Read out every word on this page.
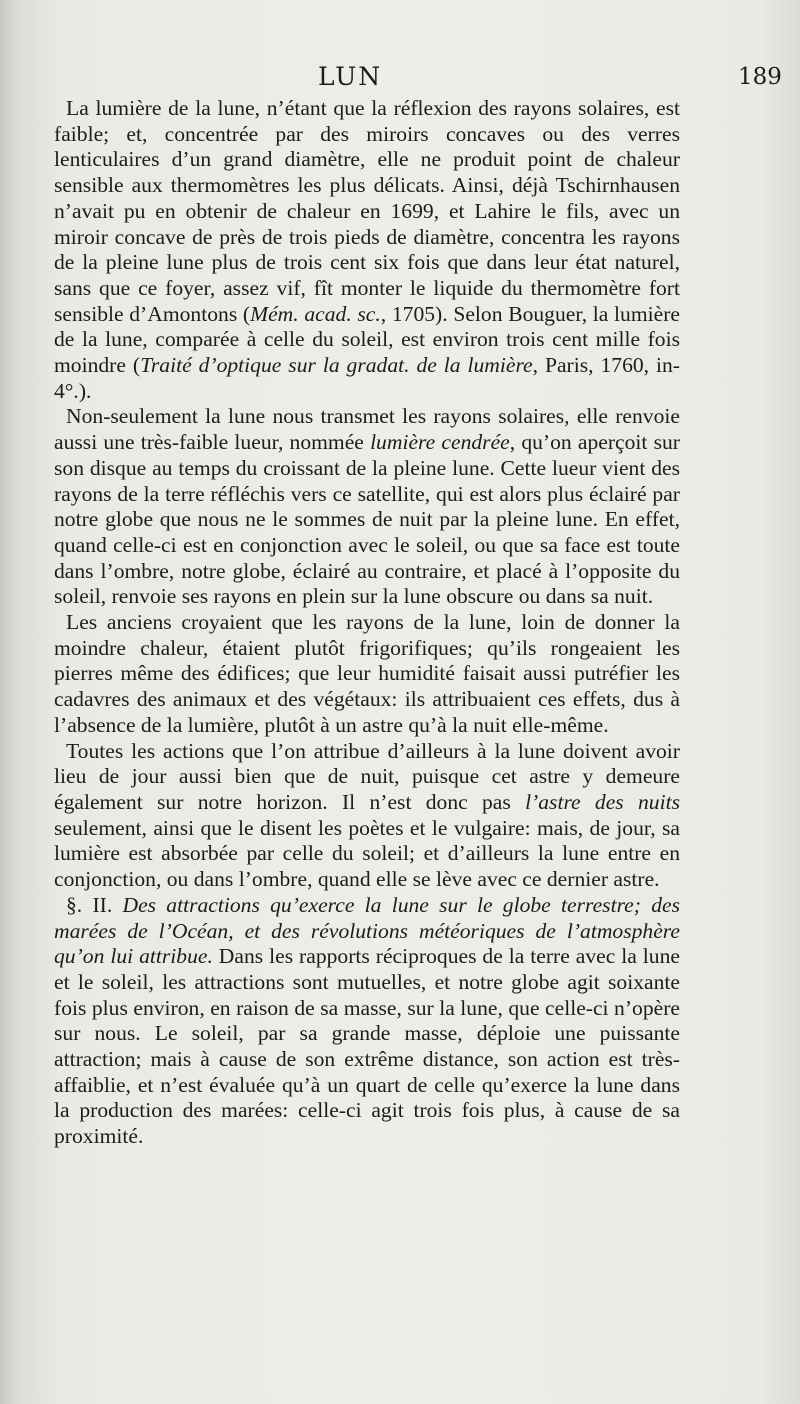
LUN	189

La lumière de la lune, n’étant que la réflexion des rayons solaires, est faible; et, concentrée par des miroirs concaves ou des verres lenticulaires d’un grand diamètre, elle ne produit point de chaleur sensible aux thermomètres les plus délicats. Ainsi, déjà Tschirnhausen n’avait pu en obtenir de chaleur en 1699, et Lahire le fils, avec un miroir concave de près de trois pieds de diamètre, concentra les rayons de la pleine lune plus de trois cent six fois que dans leur état naturel, sans que ce foyer, assez vif, fît monter le liquide du thermomètre fort sensible d’Amontons (Mém. acad. sc., 1705). Selon Bouguer, la lumière de la lune, comparée à celle du soleil, est environ trois cent mille fois moindre (Traité d’optique sur la gradat. de la lumière, Paris, 1760, in-4°.).

Non-seulement la lune nous transmet les rayons solaires, elle renvoie aussi une très-faible lueur, nommée lumière cendrée, qu’on aperçoit sur son disque au temps du croissant de la pleine lune. Cette lueur vient des rayons de la terre réfléchis vers ce satellite, qui est alors plus éclairé par notre globe que nous ne le sommes de nuit par la pleine lune. En effet, quand celle-ci est en conjonction avec le soleil, ou que sa face est toute dans l’ombre, notre globe, éclairé au contraire, et placé à l’opposite du soleil, renvoie ses rayons en plein sur la lune obscure ou dans sa nuit.

Les anciens croyaient que les rayons de la lune, loin de donner la moindre chaleur, étaient plutôt frigorifiques; qu’ils rongeaient les pierres même des édifices; que leur humidité faisait aussi putréfier les cadavres des animaux et des végétaux: ils attribuaient ces effets, dus à l’absence de la lumière, plutôt à un astre qu’à la nuit elle-même.

Toutes les actions que l’on attribue d’ailleurs à la lune doivent avoir lieu de jour aussi bien que de nuit, puisque cet astre y demeure également sur notre horizon. Il n’est donc pas l’astre des nuits seulement, ainsi que le disent les poètes et le vulgaire: mais, de jour, sa lumière est absorbée par celle du soleil; et d’ailleurs la lune entre en conjonction, ou dans l’ombre, quand elle se lève avec ce dernier astre.

§. II. Des attractions qu’exerce la lune sur le globe terrestre; des marées de l’Océan, et des révolutions météoriques de l’atmosphère qu’on lui attribue. Dans les rapports réciproques de la terre avec la lune et le soleil, les attractions sont mutuelles, et notre globe agit soixante fois plus environ, en raison de sa masse, sur la lune, que celle-ci n’opère sur nous. Le soleil, par sa grande masse, déploie une puissante attraction; mais à cause de son extrême distance, son action est très-affaiblie, et n’est évaluée qu’à un quart de celle qu’exerce la lune dans la production des marées: celle-ci agit trois fois plus, à cause de sa proximité.
